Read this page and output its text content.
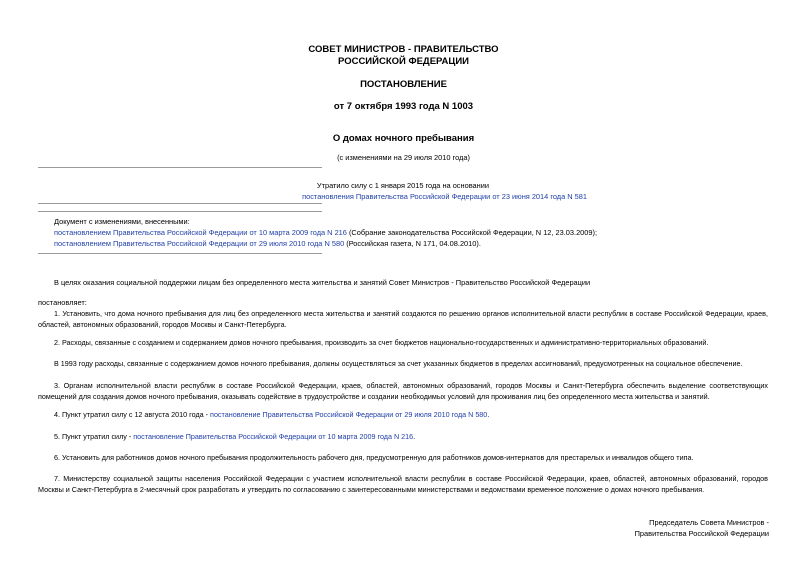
СОВЕТ МИНИСТРОВ - ПРАВИТЕЛЬСТВО
РОССИЙСКОЙ ФЕДЕРАЦИИ
ПОСТАНОВЛЕНИЕ
от 7 октября 1993 года N 1003
О домах ночного пребывания
(с изменениями на 29 июля 2010 года)
Утратило силу с 1 января 2015 года на основании
постановления Правительства Российской Федерации от 23 июня 2014 года N 581
Документ с изменениями, внесенными:
постановлением Правительства Российской Федерации от 10 марта 2009 года N 216 (Собрание законодательства Российской Федерации, N 12, 23.03.2009);
постановлением Правительства Российской Федерации от 29 июля 2010 года N 580 (Российская газета, N 171, 04.08.2010).
В целях оказания социальной поддержки лицам без определенного места жительства и занятий Совет Министров - Правительство Российской Федерации
постановляет:
1. Установить, что дома ночного пребывания для лиц без определенного места жительства и занятий создаются по решению органов исполнительной власти республик в составе Российской Федерации, краев, областей, автономных образований, городов Москвы и Санкт-Петербурга.
2. Расходы, связанные с созданием и содержанием домов ночного пребывания, производить за счет бюджетов национально-государственных и административно-территориальных образований.
В 1993 году расходы, связанные с содержанием домов ночного пребывания, должны осуществляться за счет указанных бюджетов в пределах ассигнований, предусмотренных на социальное обеспечение.
3. Органам исполнительной власти республик в составе Российской Федерации, краев, областей, автономных образований, городов Москвы и Санкт-Петербурга обеспечить выделение соответствующих помещений для создания домов ночного пребывания, оказывать содействие в трудоустройстве и создании необходимых условий для проживания лиц без определенного места жительства и занятий.
4. Пункт утратил силу с 12 августа 2010 года - постановление Правительства Российской Федерации от 29 июля 2010 года N 580.
5. Пункт утратил силу - постановление Правительства Российской Федерации от 10 марта 2009 года N 216.
6. Установить для работников домов ночного пребывания продолжительность рабочего дня, предусмотренную для работников домов-интернатов для престарелых и инвалидов общего типа.
7. Министерству социальной защиты населения Российской Федерации с участием исполнительной власти республик в составе Российской Федерации, краев, областей, автономных образований, городов Москвы и Санкт-Петербурга в 2-месячный срок разработать и утвердить по согласованию с заинтересованными министерствами и ведомствами временное положение о домах ночного пребывания.
Председатель Совета Министров -
Правительства Российской Федерации
